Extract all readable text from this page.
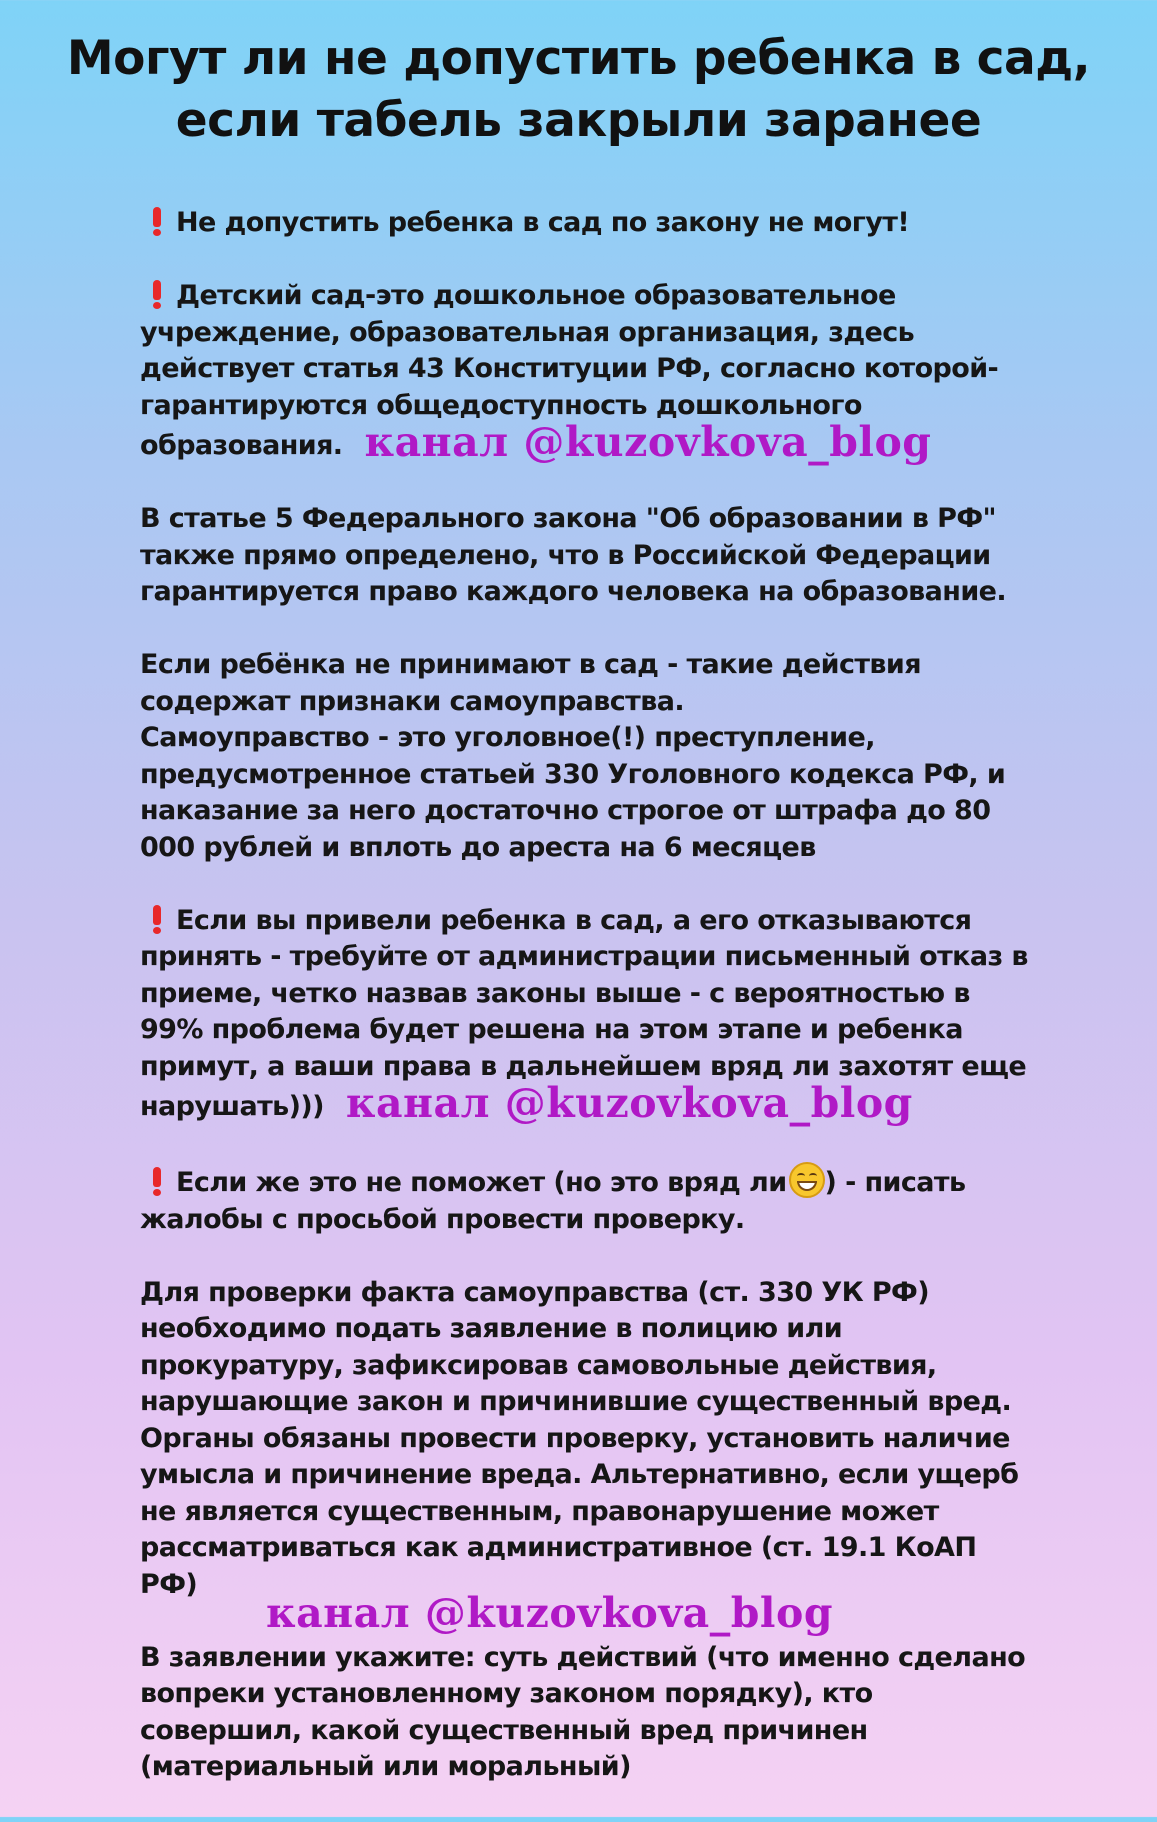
Могут ли не допустить ребенка в сад, если табель закрыли заранее
Не допустить ребенка в сад по закону не могут!
Детский сад-это дошкольное образовательное учреждение, образовательная организация, здесь действует статья 43 Конституции РФ, согласно которой- гарантируются общедоступность дошкольного образования. канал @kuzovkova_blog
В статье 5 Федерального закона "Об образовании в РФ" также прямо определено, что в Российской Федерации гарантируется право каждого человека на образование.

Если ребёнка не принимают в сад - такие действия содержат признаки самоуправства.

Самоуправство - это уголовное(!) преступление, предусмотренное статьей 330 Уголовного кодекса РФ, и наказание за него достаточно строгое от штрафа до 80 000 рублей и вплоть до ареста на 6 месяцев

Если вы привели ребенка в сад, а его отказываются принять - требуйте от администрации письменный отказ в приеме, четко назвав законы выше - с вероятностью в 99% проблема будет решена на этом этапе и ребенка примут, а ваши права в дальнейшем вряд ли захотят еще нарушать))) канал @kuzovkova_blog
Если же это не поможет (но это вряд ли ) - писать жалобы с просьбой провести проверку.
Для проверки факта самоуправства (ст. 330 УК РФ) необходимо подать заявление в полицию или прокуратуру, зафиксировав самовольные действия, нарушающие закон и причинившие существенный вред. Органы обязаны провести проверку, установить наличие умысла и причинение вреда. Альтернативно, если ущерб не является существенным, правонарушение может рассматриваться как административное (ст. 19.1 КоАП РФ)
В заявлении укажите: суть действий (что именно сделано вопреки установленному законом порядку), кто совершил, какой существенный вред причинен (материальный или моральный)
канал @kuzovkova_blog
